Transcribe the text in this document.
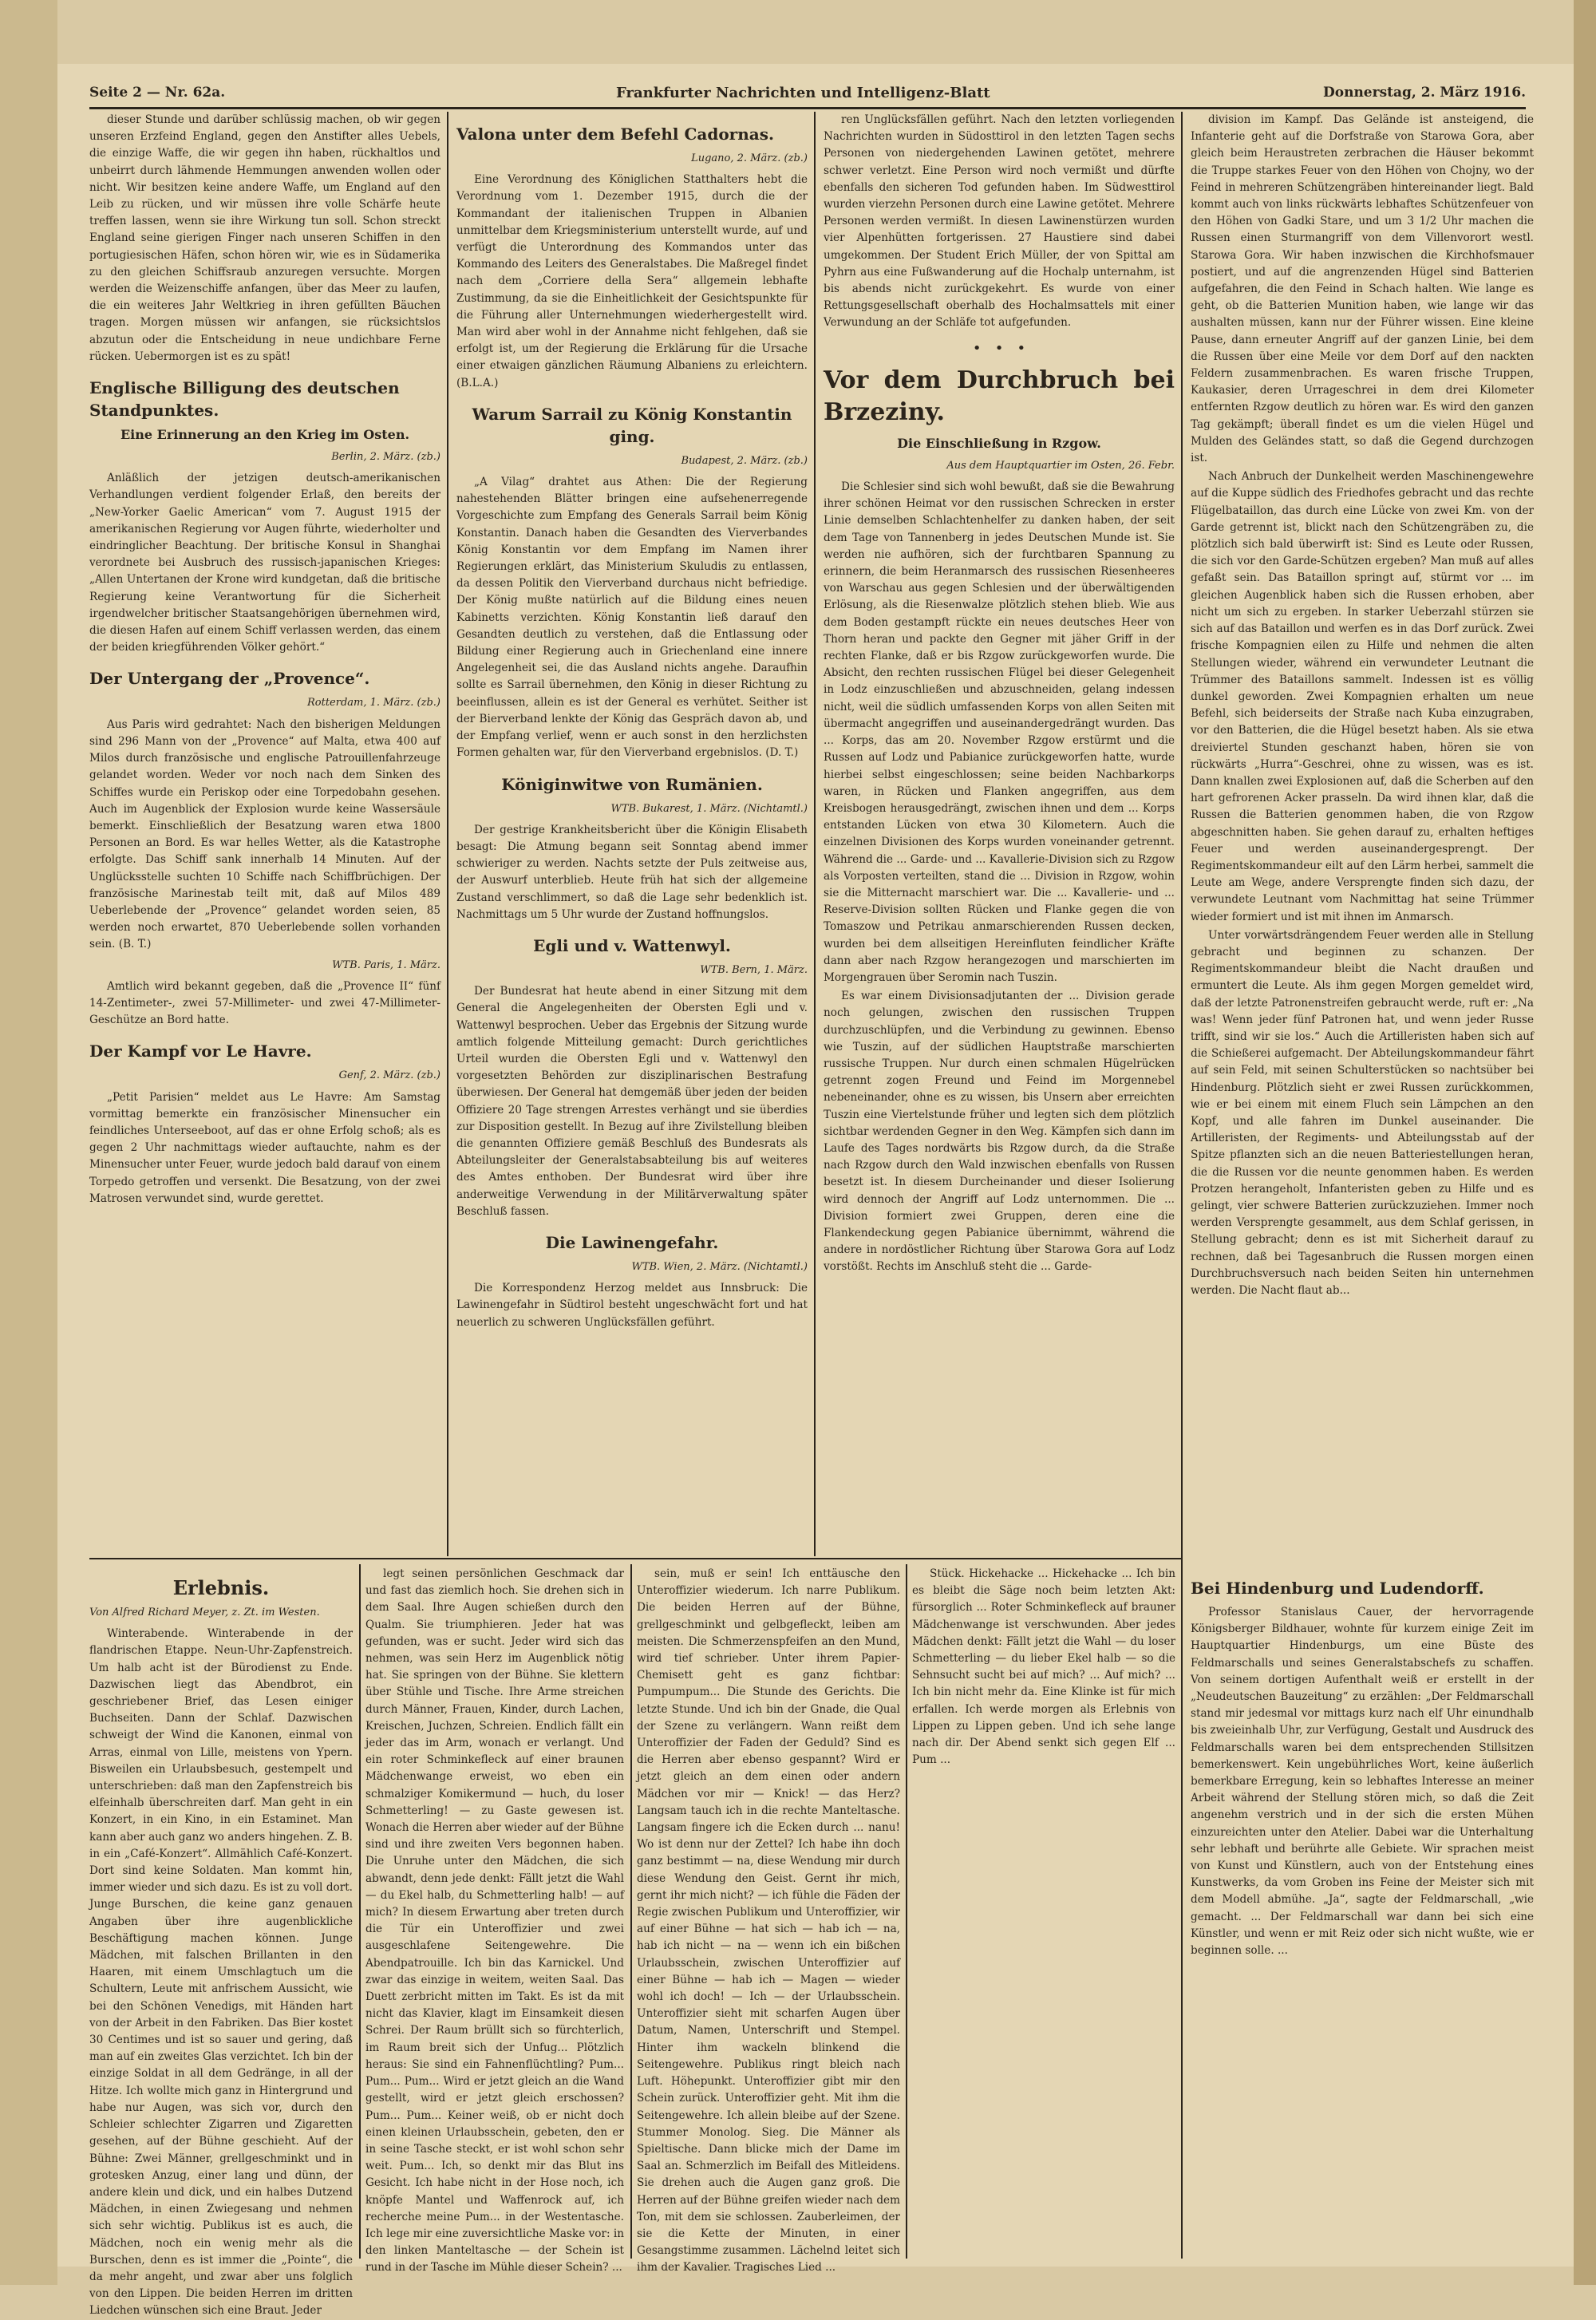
Seite 2 — Nr. 62a.	Frankfurter Nachrichten und Intelligenz-Blatt	Donnerstag, 2. März 1916.

dieser Stunde und darüber schlüssig machen, ob wir gegen unseren Erzfeind England, gegen den Anstifter alles Uebels, die einzige Waffe, die wir gegen ihn haben, rückhaltlos und unbeirrt durch lähmende Hemmungen anwenden wollen oder nicht. Wir besitzen keine andere Waffe, um England auf den Leib zu rücken, und wir müssen ihre volle Schärfe heute treffen lassen, wenn sie ihre Wirkung tun soll. Schon streckt England seine gierigen Finger nach unseren Schiffen in den portugiesischen Häfen, schon hören wir, wie es in Südamerika zu den gleichen Schiffsraub anzuregen versuchte. Morgen werden die Weizenschiffe anfangen, über das Meer zu laufen, die ein weiteres Jahr Weltkrieg in ihren gefüllten Bäuchen tragen. Morgen müssen wir anfangen, sie rücksichtslos abzutun oder die Entscheidung in neue undichbare Ferne rücken. Uebermorgen ist es zu spät!

Englische Billigung des deutschen Standpunktes.
Eine Erinnerung an den Krieg im Osten.
Berlin, 2. März. (zb.)

Anläßlich der jetzigen deutsch-amerikanischen Verhandlungen verdient folgender Erlaß, den bereits der „New-Yorker Gaelic American“ vom 7. August 1915 der amerikanischen Regierung vor Augen führte, wiederholter und eindringlicher Beachtung. Der britische Konsul in Shanghai verordnete bei Ausbruch des russisch-japanischen Krieges: „Allen Untertanen der Krone wird kundgetan, daß die britische Regierung keine Verantwortung für die Sicherheit irgendwelcher britischer Staatsangehörigen übernehmen wird, die diesen Hafen auf einem Schiff verlassen werden, das einem der beiden kriegführenden Völker gehört.“

Der Untergang der „Provence“.
Rotterdam, 1. März. (zb.)

Aus Paris wird gedrahtet: Nach den bisherigen Meldungen sind 296 Mann von der „Provence“ auf Malta, etwa 400 auf Milos durch französische und englische Patrouillenfahrzeuge gelandet worden. Weder vor noch nach dem Sinken des Schiffes wurde ein Periskop oder eine Torpedobahn gesehen. Auch im Augenblick der Explosion wurde keine Wassersäule bemerkt. Einschließlich der Besatzung waren etwa 1800 Personen an Bord. Es war helles Wetter, als die Katastrophe erfolgte. Das Schiff sank innerhalb 14 Minuten. Auf der Unglücksstelle suchten 10 Schiffe nach Schiffbrüchigen. Der französische Marinestab teilt mit, daß auf Milos 489 Ueberlebende der „Provence“ gelandet worden seien, 85 werden noch erwartet, 870 Ueberlebende sollen vorhanden sein. (B. T.)

WTB. Paris, 1. März.

Amtlich wird bekannt gegeben, daß die „Provence II“ fünf 14-Zentimeter-, zwei 57-Millimeter- und zwei 47-Millimeter-Geschütze an Bord hatte.

Der Kampf vor Le Havre.
Genf, 2. März. (zb.)

„Petit Parisien“ meldet aus Le Havre: Am Samstag vormittag bemerkte ein französischer Minensucher ein feindliches Unterseeboot, auf das er ohne Erfolg schoß; als es gegen 2 Uhr nachmittags wieder auftauchte, nahm es der Minensucher unter Feuer, wurde jedoch bald darauf von einem Torpedo getroffen und versenkt. Die Besatzung, von der zwei Matrosen verwundet sind, wurde gerettet.

Valona unter dem Befehl Cadornas.
Lugano, 2. März. (zb.)

Eine Verordnung des Königlichen Statthalters hebt die Verordnung vom 1. Dezember 1915, durch die der Kommandant der italienischen Truppen in Albanien unmittelbar dem Kriegsministerium unterstellt wurde, auf und verfügt die Unterordnung des Kommandos unter das Kommando des Leiters des Generalstabes. Die Maßregel findet nach dem „Corriere della Sera“ allgemein lebhafte Zustimmung, da sie die Einheitlichkeit der Gesichtspunkte für die Führung aller Unternehmungen wiederhergestellt wird. Man wird aber wohl in der Annahme nicht fehlgehen, daß sie erfolgt ist, um der Regierung die Erklärung für die Ursache einer etwaigen gänzlichen Räumung Albaniens zu erleichtern. (B.L.A.)

Warum Sarrail zu König Konstantin ging.
Budapest, 2. März. (zb.)

„A Vilag“ drahtet aus Athen: Die der Regierung nahestehenden Blätter bringen eine aufsehenerregende Vorgeschichte zum Empfang des Generals Sarrail beim König Konstantin. Danach haben die Gesandten des Vierverbandes König Konstantin vor dem Empfang im Namen ihrer Regierungen erklärt, das Ministerium Skuludis zu entlassen, da dessen Politik den Vierverband durchaus nicht befriedige. Der König mußte natürlich auf die Bildung eines neuen Kabinetts verzichten. König Konstantin ließ darauf den Gesandten deutlich zu verstehen, daß die Entlassung oder Bildung einer Regierung auch in Griechenland eine innere Angelegenheit sei, die das Ausland nichts angehe. Daraufhin sollte es Sarrail übernehmen, den König in dieser Richtung zu beeinflussen, allein es ist der General es verhütet. Seither ist der Bierverband lenkte der König das Gespräch davon ab, und der Empfang verlief, wenn er auch sonst in den herzlichsten Formen gehalten war, für den Vierverband ergebnislos. (D. T.)

Königinwitwe von Rumänien.
WTB. Bukarest, 1. März. (Nichtamtl.)

Der gestrige Krankheitsbericht über die Königin Elisabeth besagt: Die Atmung begann seit Sonntag abend immer schwieriger zu werden. Nachts setzte der Puls zeitweise aus, der Auswurf unterblieb. Heute früh hat sich der allgemeine Zustand verschlimmert, so daß die Lage sehr bedenklich ist. Nachmittags um 5 Uhr wurde der Zustand hoffnungslos.

Egli und v. Wattenwyl.
WTB. Bern, 1. März.

Der Bundesrat hat heute abend in einer Sitzung mit dem General die Angelegenheiten der Obersten Egli und v. Wattenwyl besprochen. Ueber das Ergebnis der Sitzung wurde amtlich folgende Mitteilung gemacht: Durch gerichtliches Urteil wurden die Obersten Egli und v. Wattenwyl den vorgesetzten Behörden zur disziplinarischen Bestrafung überwiesen. Der General hat demgemäß über jeden der beiden Offiziere 20 Tage strengen Arrestes verhängt und sie überdies zur Disposition gestellt. In Bezug auf ihre Zivilstellung bleiben die genannten Offiziere gemäß Beschluß des Bundesrats als Abteilungsleiter der Generalstabsabteilung bis auf weiteres des Amtes enthoben. Der Bundesrat wird über ihre anderweitige Verwendung in der Militärverwaltung später Beschluß fassen.

Die Lawinengefahr.
WTB. Wien, 2. März. (Nichtamtl.)

Die Korrespondenz Herzog meldet aus Innsbruck: Die Lawinengefahr in Südtirol besteht ungeschwächt fort und hat neuerlich zu schweren Unglücksfällen geführt.

ren Unglücksfällen geführt. Nach den letzten vorliegenden Nachrichten wurden in Südosttirol in den letzten Tagen sechs Personen von niedergehenden Lawinen getötet, mehrere schwer verletzt. Eine Person wird noch vermißt und dürfte ebenfalls den sicheren Tod gefunden haben. Im Südwesttirol wurden vierzehn Personen durch eine Lawine getötet. Mehrere Personen werden vermißt. In diesen Lawinenstürzen wurden vier Alpenhütten fortgerissen. 27 Haustiere sind dabei umgekommen. Der Student Erich Müller, der von Spittal am Pyhrn aus eine Fußwanderung auf die Hochalp unternahm, ist bis abends nicht zurückgekehrt. Es wurde von einer Rettungsgesellschaft oberhalb des Hochalmsattels mit einer Verwundung an der Schläfe tot aufgefunden.

•   •   •
Vor dem Durchbruch bei Brzeziny.
Die Einschließung in Rzgow.
Aus dem Hauptquartier im Osten, 26. Febr.

Die Schlesier sind sich wohl bewußt, daß sie die Bewahrung ihrer schönen Heimat vor den russischen Schrecken in erster Linie demselben Schlachtenhelfer zu danken haben, der seit dem Tage von Tannenberg in jedes Deutschen Munde ist. Sie werden nie aufhören, sich der furchtbaren Spannung zu erinnern, die beim Heranmarsch des russischen Riesenheeres von Warschau aus gegen Schlesien und der überwältigenden Erlösung, als die Riesenwalze plötzlich stehen blieb. Wie aus dem Boden gestampft rückte ein neues deutsches Heer von Thorn heran und packte den Gegner mit jäher Griff in der rechten Flanke, daß er bis Rzgow zurückgeworfen wurde. Die Absicht, den rechten russischen Flügel bei dieser Gelegenheit in Lodz einzuschließen und abzuschneiden, gelang indessen nicht, weil die südlich umfassenden Korps von allen Seiten mit übermacht angegriffen und auseinandergedrängt wurden. Das ... Korps, das am 20. November Rzgow erstürmt und die Russen auf Lodz und Pabianice zurückgeworfen hatte, wurde hierbei selbst eingeschlossen; seine beiden Nachbarkorps waren, in Rücken und Flanken angegriffen, aus dem Kreisbogen herausgedrängt, zwischen ihnen und dem ... Korps entstanden Lücken von etwa 30 Kilometern. Auch die einzelnen Divisionen des Korps wurden voneinander getrennt. Während die ... Garde- und ... Kavallerie-Division sich zu Rzgow als Vorposten verteilten, stand die ... Division in Rzgow, wohin sie die Mitternacht marschiert war. Die ... Kavallerie- und ... Reserve-Division sollten Rücken und Flanke gegen die von Tomaszow und Petrikau anmarschierenden Russen decken, wurden bei dem allseitigen Hereinfluten feindlicher Kräfte dann aber nach Rzgow herangezogen und marschierten im Morgengrauen über Seromin nach Tuszin.

Es war einem Divisionsadjutanten der ... Division gerade noch gelungen, zwischen den russischen Truppen durchzuschlüpfen, und die Verbindung zu gewinnen. Ebenso wie Tuszin, auf der südlichen Hauptstraße marschierten russische Truppen. Nur durch einen schmalen Hügelrücken getrennt zogen Freund und Feind im Morgennebel nebeneinander, ohne es zu wissen, bis Unsern aber erreichten Tuszin eine Viertelstunde früher und legten sich dem plötzlich sichtbar werdenden Gegner in den Weg. Kämpfen sich dann im Laufe des Tages nordwärts bis Rzgow durch, da die Straße nach Rzgow durch den Wald inzwischen ebenfalls von Russen besetzt ist. In diesem Durcheinander und dieser Isolierung wird dennoch der Angriff auf Lodz unternommen. Die ... Division formiert zwei Gruppen, deren eine die Flankendeckung gegen Pabianice übernimmt, während die andere in nordöstlicher Richtung über Starowa Gora auf Lodz vorstößt. Rechts im Anschluß steht die ... Garde-

division im Kampf. Das Gelände ist ansteigend, die Infanterie geht auf die Dorfstraße von Starowa Gora, aber gleich beim Heraustreten zerbrachen die Häuser bekommt die Truppe starkes Feuer von den Höhen von Chojny, wo der Feind in mehreren Schützengräben hintereinander liegt. Bald kommt auch von links rückwärts lebhaftes Schützenfeuer von den Höhen von Gadki Stare, und um 3 1/2 Uhr machen die Russen einen Sturmangriff von dem Villenvorort westl. Starowa Gora. Wir haben inzwischen die Kirchhofsmauer postiert, und auf die angrenzenden Hügel sind Batterien aufgefahren, die den Feind in Schach halten. Wie lange es geht, ob die Batterien Munition haben, wie lange wir das aushalten müssen, kann nur der Führer wissen. Eine kleine Pause, dann erneuter Angriff auf der ganzen Linie, bei dem die Russen über eine Meile vor dem Dorf auf den nackten Feldern zusammenbrachen. Es waren frische Truppen, Kaukasier, deren Urrageschrei in dem drei Kilometer entfernten Rzgow deutlich zu hören war. Es wird den ganzen Tag gekämpft; überall findet es um die vielen Hügel und Mulden des Geländes statt, so daß die Gegend durchzogen ist.

Nach Anbruch der Dunkelheit werden Maschinengewehre auf die Kuppe südlich des Friedhofes gebracht und das rechte Flügelbataillon, das durch eine Lücke von zwei Km. von der Garde getrennt ist, blickt nach den Schützengräben zu, die plötzlich sich bald überwirft ist: Sind es Leute oder Russen, die sich vor den Garde-Schützen ergeben? Man muß auf alles gefaßt sein. Das Bataillon springt auf, stürmt vor ... im gleichen Augenblick haben sich die Russen erhoben, aber nicht um sich zu ergeben. In starker Ueberzahl stürzen sie sich auf das Bataillon und werfen es in das Dorf zurück. Zwei frische Kompagnien eilen zu Hilfe und nehmen die alten Stellungen wieder, während ein verwundeter Leutnant die Trümmer des Bataillons sammelt. Indessen ist es völlig dunkel geworden. Zwei Kompagnien erhalten um neue Befehl, sich beiderseits der Straße nach Kuba einzugraben, vor den Batterien, die die Hügel besetzt haben. Als sie etwa dreiviertel Stunden geschanzt haben, hören sie von rückwärts „Hurra“-Geschrei, ohne zu wissen, was es ist. Dann knallen zwei Explosionen auf, daß die Scherben auf den hart gefrorenen Acker prasseln. Da wird ihnen klar, daß die Russen die Batterien genommen haben, die von Rzgow abgeschnitten haben. Sie gehen darauf zu, erhalten heftiges Feuer und werden auseinandergesprengt. Der Regimentskommandeur eilt auf den Lärm herbei, sammelt die Leute am Wege, andere Versprengte finden sich dazu, der verwundete Leutnant vom Nachmittag hat seine Trümmer wieder formiert und ist mit ihnen im Anmarsch.

Unter vorwärtsdrängendem Feuer werden alle in Stellung gebracht und beginnen zu schanzen. Der Regimentskommandeur bleibt die Nacht draußen und ermuntert die Leute. Als ihm gegen Morgen gemeldet wird, daß der letzte Patronenstreifen gebraucht werde, ruft er: „Na was! Wenn jeder fünf Patronen hat, und wenn jeder Russe trifft, sind wir sie los.“ Auch die Artilleristen haben sich auf die Schießerei aufgemacht. Der Abteilungskommandeur fährt auf sein Feld, mit seinen Schulterstücken so nachtsüber bei Hindenburg. Plötzlich sieht er zwei Russen zurückkommen, wie er bei einem mit einem Fluch sein Lämpchen an den Kopf, und alle fahren im Dunkel auseinander. Die Artilleristen, der Regiments- und Abteilungsstab auf der Spitze pflanzten sich an die neuen Batteriestellungen heran, die die Russen vor die neunte genommen haben. Es werden Protzen herangeholt, Infanteristen geben zu Hilfe und es gelingt, vier schwere Batterien zurückzuziehen. Immer noch werden Versprengte gesammelt, aus dem Schlaf gerissen, in Stellung gebracht; denn es ist mit Sicherheit darauf zu rechnen, daß bei Tagesanbruch die Russen morgen einen Durchbruchsversuch nach beiden Seiten hin unternehmen werden. Die Nacht flaut ab...

Erlebnis.
Von Alfred Richard Meyer, z. Zt. im Westen.

Winterabende. Winterabende in der flandrischen Etappe. Neun-Uhr-Zapfenstreich. Um halb acht ist der Bürodienst zu Ende. Dazwischen liegt das Abendbrot, ein geschriebener Brief, das Lesen einiger Buchseiten. Dann der Schlaf. Dazwischen schweigt der Wind die Kanonen, einmal von Arras, einmal von Lille, meistens von Ypern. Bisweilen ein Urlaubsbesuch, gestempelt und unterschrieben: daß man den Zapfenstreich bis elfeinhalb überschreiten darf. Man geht in ein Konzert, in ein Kino, in ein Estaminet. Man kann aber auch ganz wo anders hingehen. Z. B. in ein „Café-Konzert“. Allmählich Café-Konzert. Dort sind keine Soldaten. Man kommt hin, immer wieder und sich dazu. Es ist zu voll dort. Junge Burschen, die keine ganz genauen Angaben über ihre augenblickliche Beschäftigung machen können. Junge Mädchen, mit falschen Brillanten in den Haaren, mit einem Umschlagtuch um die Schultern, Leute mit anfrischem Aussicht, wie bei den Schönen Venedigs, mit Händen hart von der Arbeit in den Fabriken. Das Bier kostet 30 Centimes und ist so sauer und gering, daß man auf ein zweites Glas verzichtet. Ich bin der einzige Soldat in all dem Gedränge, in all der Hitze. Ich wollte mich ganz in Hintergrund und habe nur Augen, was sich vor, durch den Schleier schlechter Zigarren und Zigaretten gesehen, auf der Bühne geschieht. Auf der Bühne: Zwei Männer, grellgeschminkt und in grotesken Anzug, einer lang und dünn, der andere klein und dick, und ein halbes Dutzend Mädchen, in einen Zwiegesang und nehmen sich sehr wichtig. Publikus ist es auch, die Mädchen, noch ein wenig mehr als die Burschen, denn es ist immer die „Pointe“, die da mehr angeht, und zwar aber uns folglich von den Lippen. Die beiden Herren im dritten Liedchen wünschen sich eine Braut. Jeder

legt seinen persönlichen Geschmack dar und fast das ziemlich hoch. Sie drehen sich in dem Saal. Ihre Augen schießen durch den Qualm. Sie triumphieren. Jeder hat was gefunden, was er sucht. Jeder wird sich das nehmen, was sein Herz im Augenblick nötig hat. Sie springen von der Bühne. Sie klettern über Stühle und Tische. Ihre Arme streichen durch Männer, Frauen, Kinder, durch Lachen, Kreischen, Juchzen, Schreien. Endlich fällt ein jeder das im Arm, wonach er verlangt. Und ein roter Schminkefleck auf einer braunen Mädchenwange erweist, wo eben ein schmalziger Komikermund — huch, du loser Schmetterling! — zu Gaste gewesen ist. Wonach die Herren aber wieder auf der Bühne sind und ihre zweiten Vers begonnen haben. Die Unruhe unter den Mädchen, die sich abwandt, denn jede denkt: Fällt jetzt die Wahl — du Ekel halb, du Schmetterling halb! — auf mich? In diesem Erwartung aber treten durch die Tür ein Unteroffizier und zwei ausgeschlafene Seitengewehre. Die Abendpatrouille. Ich bin das Karnickel. Und zwar das einzige in weitem, weiten Saal. Das Duett zerbricht mitten im Takt. Es ist da mit nicht das Klavier, klagt im Einsamkeit diesen Schrei. Der Raum brüllt sich so fürchterlich, im Raum breit sich der Unfug... Plötzlich heraus: Sie sind ein Fahnenflüchtling? Pum... Pum... Pum... Wird er jetzt gleich an die Wand gestellt, wird er jetzt gleich erschossen? Pum... Pum... Keiner weiß, ob er nicht doch einen kleinen Urlaubsschein, gebeten, den er in seine Tasche steckt, er ist wohl schon sehr weit. Pum... Ich, so denkt mir das Blut ins Gesicht. Ich habe nicht in der Hose noch, ich knöpfe Mantel und Waffenrock auf, ich recherche meine Pum... in der Westentasche. Ich lege mir eine zuversichtliche Maske vor: in den linken Manteltasche — der Schein ist rund in der Tasche im Mühle dieser Schein? ...

sein, muß er sein! Ich enttäusche den Unteroffizier wiederum. Ich narre Publikum. Die beiden Herren auf der Bühne, grellgeschminkt und gelbgefleckt, leiben am meisten. Die Schmerzenspfeifen an den Mund, wird tief schrieber. Unter ihrem Papier-Chemisett geht es ganz fichtbar: Pumpumpum... Die Stunde des Gerichts. Die letzte Stunde. Und ich bin der Gnade, die Qual der Szene zu verlängern. Wann reißt dem Unteroffizier der Faden der Geduld? Sind es die Herren aber ebenso gespannt? Wird er jetzt gleich an dem einen oder andern Mädchen vor mir — Knick! — das Herz? Langsam tauch ich in die rechte Manteltasche. Langsam fingere ich die Ecken durch ... nanu! Wo ist denn nur der Zettel? Ich habe ihn doch ganz bestimmt — na, diese Wendung mir durch diese Wendung den Geist. Gernt ihr mich, gernt ihr mich nicht? — ich fühle die Fäden der Regie zwischen Publikum und Unteroffizier, wir auf einer Bühne — hat sich — hab ich — na, hab ich nicht — na — wenn ich ein bißchen Urlaubsschein, zwischen Unteroffizier auf einer Bühne — hab ich — Magen — wieder wohl ich doch! — Ich — der Urlaubsschein. Unteroffizier sieht mit scharfen Augen über Datum, Namen, Unterschrift und Stempel. Hinter ihm wackeln blinkend die Seitengewehre. Publikus ringt bleich nach Luft. Höhepunkt. Unteroffizier gibt mir den Schein zurück. Unteroffizier geht. Mit ihm die Seitengewehre. Ich allein bleibe auf der Szene. Stummer Monolog. Sieg. Die Männer als Spieltische. Dann blicke mich der Dame im Saal an. Schmerzlich im Beifall des Mitleidens. Sie drehen auch die Augen ganz groß. Die Herren auf der Bühne greifen wieder nach dem Ton, mit dem sie schlossen. Zauberleimen, der sie die Kette der Minuten, in einer Gesangstimme zusammen. Lächelnd leitet sich ihm der Kavalier. Tragisches Lied ...

Stück. Hickehacke ... Hickehacke ... Ich bin es bleibt die Säge noch beim letzten Akt: fürsorglich ... Roter Schminkefleck auf brauner Mädchenwange ist verschwunden. Aber jedes Mädchen denkt: Fällt jetzt die Wahl — du loser Schmetterling — du lieber Ekel halb — so die Sehnsucht sucht bei auf mich? ... Auf mich? ... Ich bin nicht mehr da. Eine Klinke ist für mich erfallen. Ich werde morgen als Erlebnis von Lippen zu Lippen geben. Und ich sehe lange nach dir. Der Abend senkt sich gegen Elf ... Pum ...

Bei Hindenburg und Ludendorff.

Professor Stanislaus Cauer, der hervorragende Königsberger Bildhauer, wohnte für kurzem einige Zeit im Hauptquartier Hindenburgs, um eine Büste des Feldmarschalls und seines Generalstabschefs zu schaffen. Von seinem dortigen Aufenthalt weiß er erstellt in der „Neudeutschen Bauzeitung“ zu erzählen: „Der Feldmarschall stand mir jedesmal vor mittags kurz nach elf Uhr einundhalb bis zweieinhalb Uhr, zur Verfügung, Gestalt und Ausdruck des Feldmarschalls waren bei dem entsprechenden Stillsitzen bemerkenswert. Kein ungebührliches Wort, keine äußerlich bemerkbare Erregung, kein so lebhaftes Interesse an meiner Arbeit während der Stellung stören mich, so daß die Zeit angenehm verstrich und in der sich die ersten Mühen einzureichten unter den Atelier. Dabei war die Unterhaltung sehr lebhaft und berührte alle Gebiete. Wir sprachen meist von Kunst und Künstlern, auch von der Entstehung eines Kunstwerks, da vom Groben ins Feine der Meister sich mit dem Modell abmühe. „Ja“, sagte der Feldmarschall, „wie gemacht. ... Der Feldmarschall war dann bei sich eine Künstler, und wenn er mit Reiz oder sich nicht wußte, wie er beginnen solle. ...
